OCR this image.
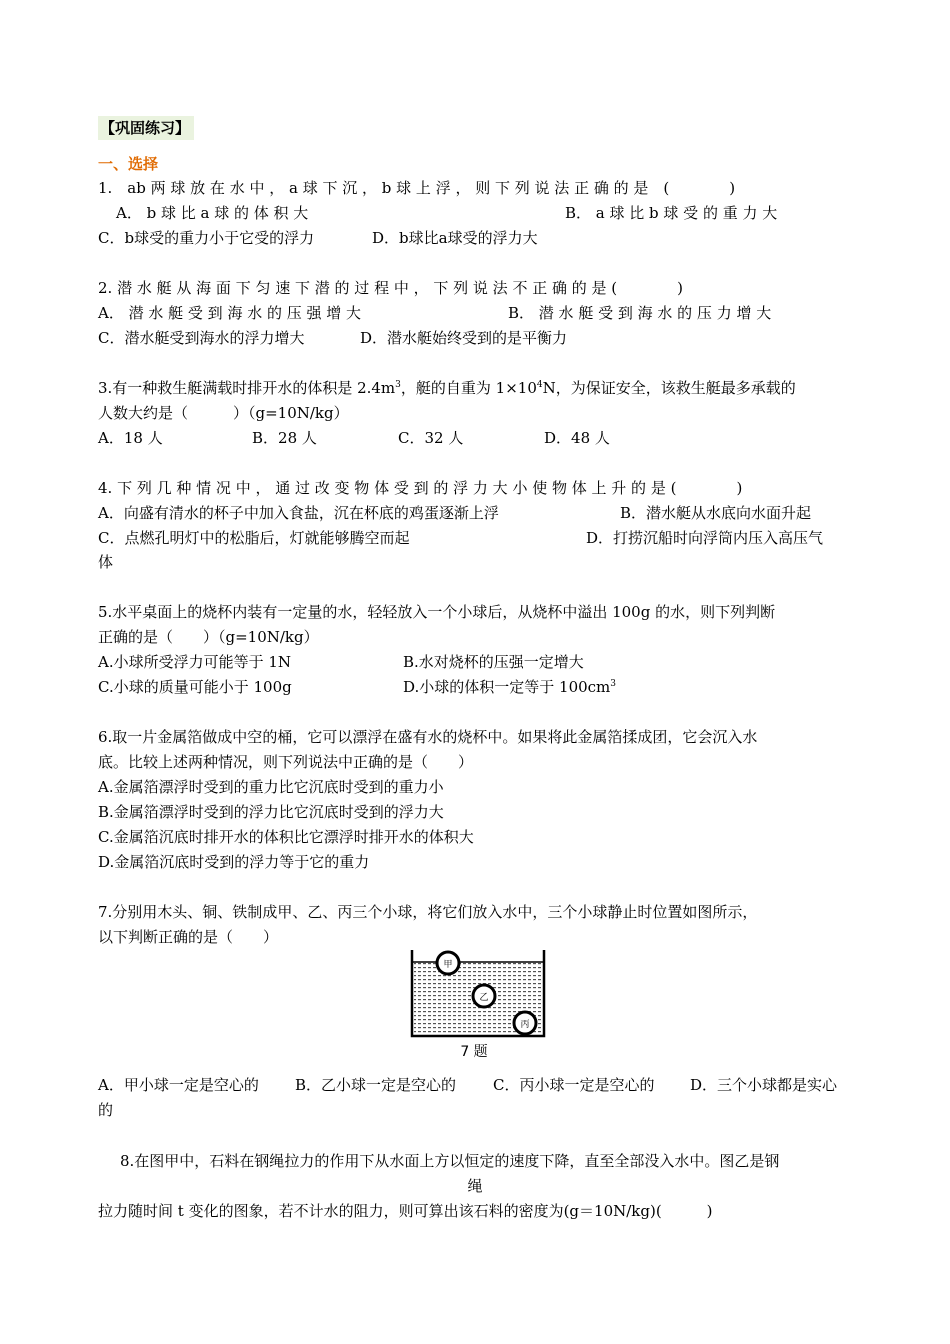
【巩固练习】
一、选择
1.　ab 两 球 放 在 水 中 ， a 球 下 沉 ， b 球 上 浮 ， 则 下 列 说 法 正 确 的 是　(　　　　)
A． b 球 比 a 球 的 体 积 大	B． a 球 比 b 球 受 的 重 力 大
C．b球受的重力小于它受的浮力	D．b球比a球受的浮力大
2. 潜 水 艇 从 海 面 下 匀 速 下 潜 的 过 程 中 ， 下 列 说 法 不 正 确 的 是 (　　　　)
A． 潜 水 艇 受 到 海 水 的 压 强 增 大	B． 潜 水 艇 受 到 海 水 的 压 力 增 大
C．潜水艇受到海水的浮力增大	D．潜水艇始终受到的是平衡力
3.有一种救生艇满载时排开水的体积是 $2.4m^3$，艇的自重为 $1\times 10^4N$，为保证安全，该救生艇最多承载的
人数大约是（　　　）（g=10N/kg）
A．18 人	B．28 人	C．32 人	D．48 人
4. 下 列 几 种 情 况 中 ， 通 过 改 变 物 体 受 到 的 浮 力 大 小 使 物 体 上 升 的 是 (　　　　)
A．向盛有清水的杯子中加入食盐，沉在杯底的鸡蛋逐渐上浮	B．潜水艇从水底向水面升起
C．点燃孔明灯中的松脂后，灯就能够腾空而起	D．打捞沉船时向浮筒内压入高压气
体
5.水平桌面上的烧杯内装有一定量的水，轻轻放入一个小球后，从烧杯中溢出 100g 的水，则下列判断
正确的是（　　）（g=10N/kg）
A.小球所受浮力可能等于 1N	B.水对烧杯的压强一定增大
C.小球的质量可能小于 100g	D.小球的体积一定等于 $100cm^3$
6.取一片金属箔做成中空的桶，它可以漂浮在盛有水的烧杯中。如果将此金属箔揉成团，它会沉入水
底。比较上述两种情况，则下列说法中正确的是（　　）
A.金属箔漂浮时受到的重力比它沉底时受到的重力小
B.金属箔漂浮时受到的浮力比它沉底时受到的浮力大
C.金属箔沉底时排开水的体积比它漂浮时排开水的体积大
D.金属箔沉底时受到的浮力等于它的重力
7.分别用木头、铜、铁制成甲、乙、丙三个小球，将它们放入水中，三个小球静止时位置如图所示，
以下判断正确的是（　　）
甲
乙
丙
7 题
A．甲小球一定是空心的 B．乙小球一定是空心的 C．丙小球一定是空心的 D．三个小球都是实心
的
8.在图甲中，石料在钢绳拉力的作用下从水面上方以恒定的速度下降，直至全部没入水中。图乙是钢
绳
拉力随时间 t 变化的图象，若不计水的阻力，则可算出该石料的密度为(g＝10N/kg)(　　　)
